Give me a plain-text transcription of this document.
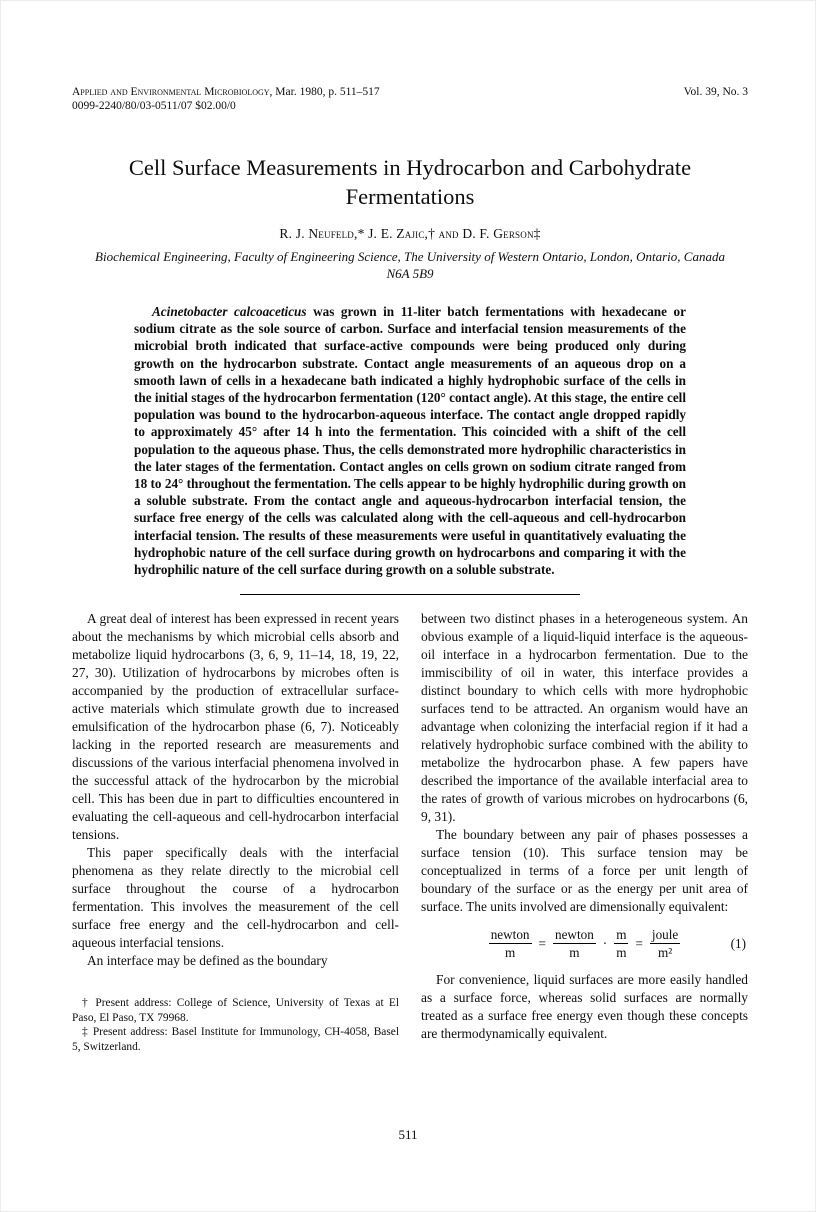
Applied and Environmental Microbiology, Mar. 1980, p. 511–517
0099-2240/80/03-0511/07 $02.00/0
Vol. 39, No. 3
Cell Surface Measurements in Hydrocarbon and Carbohydrate Fermentations
R. J. Neufeld,* J. E. Zajic,† and D. F. Gerson‡
Biochemical Engineering, Faculty of Engineering Science, The University of Western Ontario, London, Ontario, Canada N6A 5B9

Acinetobacter calcoaceticus was grown in 11-liter batch fermentations with hexadecane or sodium citrate as the sole source of carbon. Surface and interfacial tension measurements of the microbial broth indicated that surface-active compounds were being produced only during growth on the hydrocarbon substrate. Contact angle measurements of an aqueous drop on a smooth lawn of cells in a hexadecane bath indicated a highly hydrophobic surface of the cells in the initial stages of the hydrocarbon fermentation (120° contact angle). At this stage, the entire cell population was bound to the hydrocarbon-aqueous interface. The contact angle dropped rapidly to approximately 45° after 14 h into the fermentation. This coincided with a shift of the cell population to the aqueous phase. Thus, the cells demonstrated more hydrophilic characteristics in the later stages of the fermentation. Contact angles on cells grown on sodium citrate ranged from 18 to 24° throughout the fermentation. The cells appear to be highly hydrophilic during growth on a soluble substrate. From the contact angle and aqueous-hydrocarbon interfacial tension, the surface free energy of the cells was calculated along with the cell-aqueous and cell-hydrocarbon interfacial tension. The results of these measurements were useful in quantitatively evaluating the hydrophobic nature of the cell surface during growth on hydrocarbons and comparing it with the hydrophilic nature of the cell surface during growth on a soluble substrate.

A great deal of interest has been expressed in recent years about the mechanisms by which microbial cells absorb and metabolize liquid hydrocarbons (3, 6, 9, 11–14, 18, 19, 22, 27, 30). Utilization of hydrocarbons by microbes often is accompanied by the production of extracellular surface-active materials which stimulate growth due to increased emulsification of the hydrocarbon phase (6, 7). Noticeably lacking in the reported research are measurements and discussions of the various interfacial phenomena involved in the successful attack of the hydrocarbon by the microbial cell. This has been due in part to difficulties encountered in evaluating the cell-aqueous and cell-hydrocarbon interfacial tensions.

This paper specifically deals with the interfacial phenomena as they relate directly to the microbial cell surface throughout the course of a hydrocarbon fermentation. This involves the measurement of the cell surface free energy and the cell-hydrocarbon and cell-aqueous interfacial tensions.

An interface may be defined as the boundary

† Present address: College of Science, University of Texas at El Paso, El Paso, TX 79968.

‡ Present address: Basel Institute for Immunology, CH-4058, Basel 5, Switzerland.

between two distinct phases in a heterogeneous system. An obvious example of a liquid-liquid interface is the aqueous-oil interface in a hydrocarbon fermentation. Due to the immiscibility of oil in water, this interface provides a distinct boundary to which cells with more hydrophobic surfaces tend to be attracted. An organism would have an advantage when colonizing the interfacial region if it had a relatively hydrophobic surface combined with the ability to metabolize the hydrocarbon phase. A few papers have described the importance of the available interfacial area to the rates of growth of various microbes on hydrocarbons (6, 9, 31).

The boundary between any pair of phases possesses a surface tension (10). This surface tension may be conceptualized in terms of a force per unit length of boundary of the surface or as the energy per unit area of surface. The units involved are dimensionally equivalent:

$\frac{\text{newton}}{m} = \frac{\text{newton}}{m} \cdot \frac{m}{m} = \frac{\text{joule}}{\text{m²}}$	(1)

For convenience, liquid surfaces are more easily handled as a surface force, whereas solid surfaces are normally treated as a surface free energy even though these concepts are thermodynamically equivalent.

511
